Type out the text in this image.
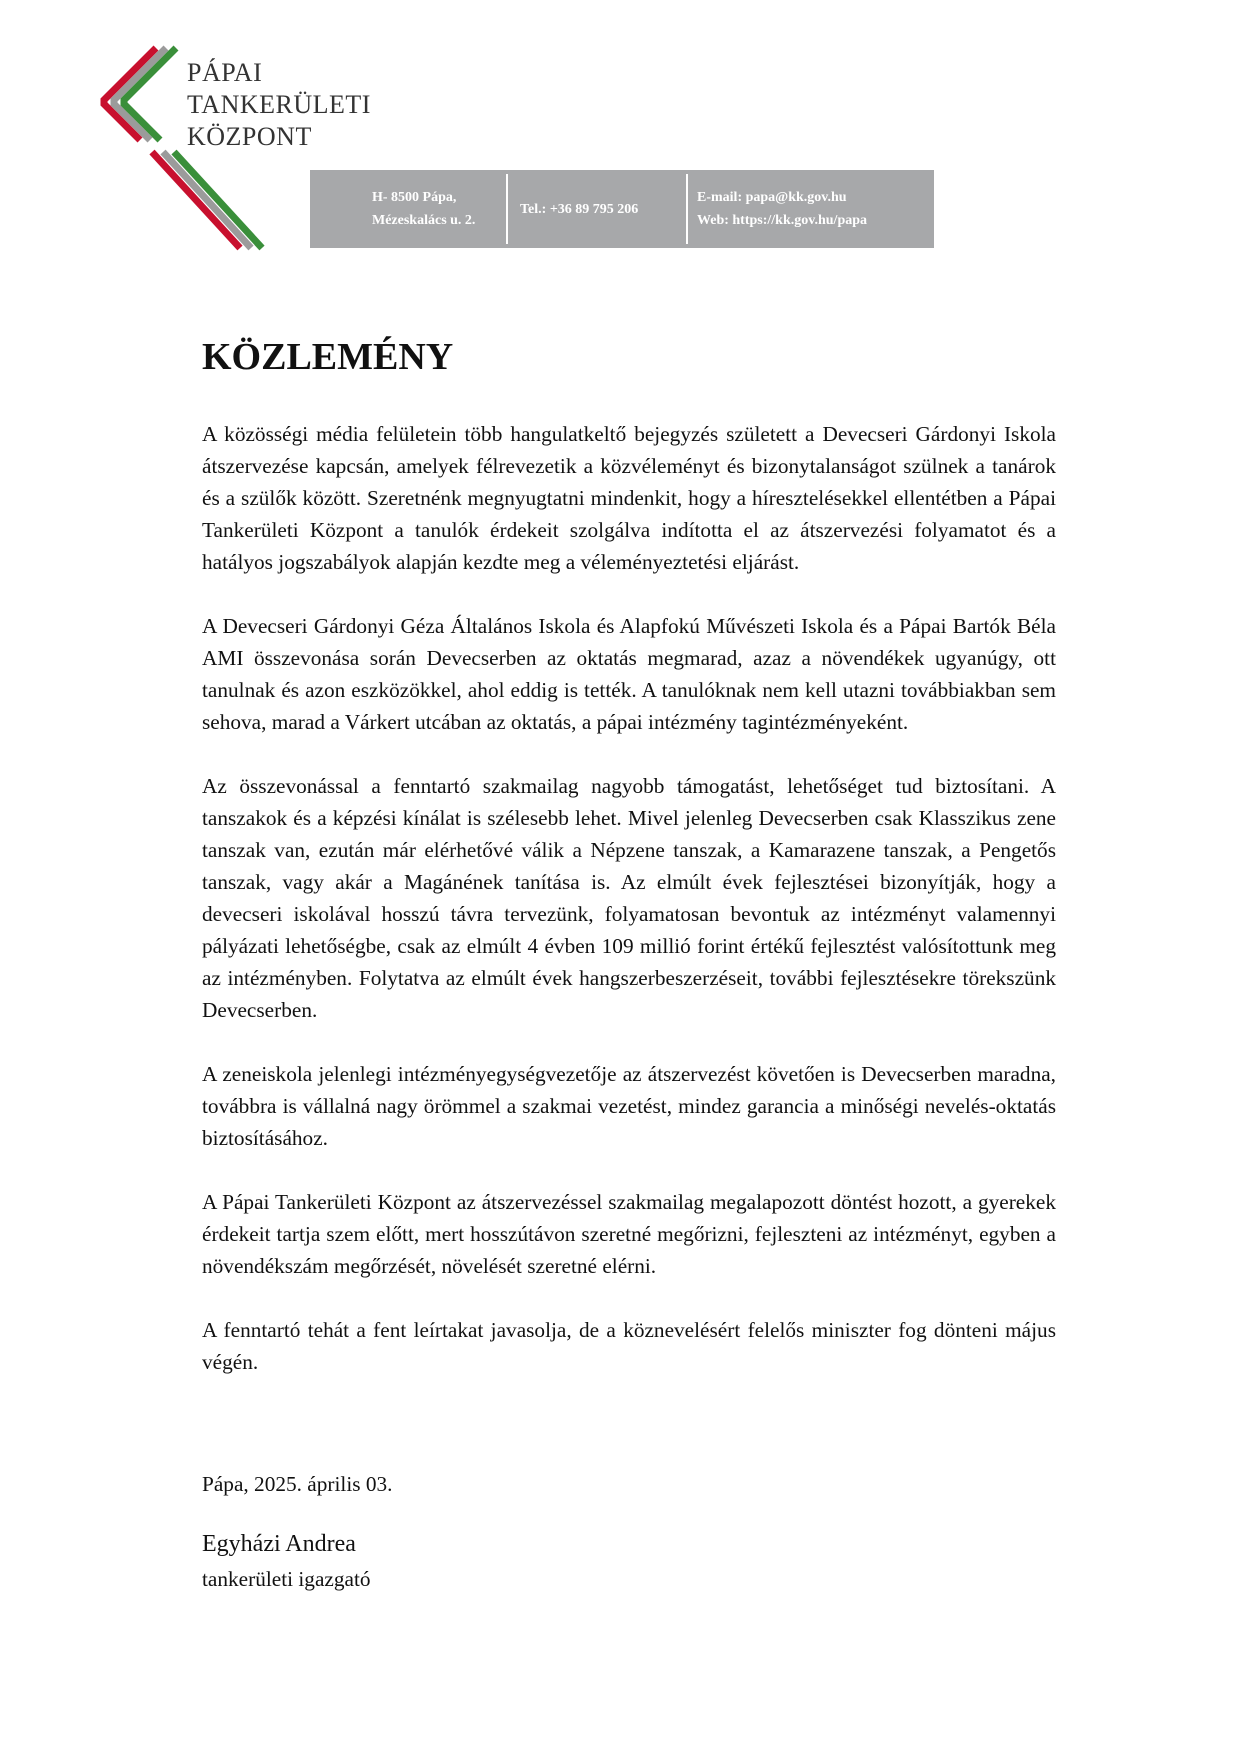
PÁPAI
TANKERÜLETI
KÖZPONT
H- 8500 Pápa,
Mézeskalács u. 2.
Tel.: +36 89 795 206
E-mail: papa@kk.gov.hu
Web: https://kk.gov.hu/papa
KÖZLEMÉNY

A közösségi média felületein több hangulatkeltő bejegyzés született a Devecseri Gárdonyi Iskola átszervezése kapcsán, amelyek félrevezetik a közvéleményt és bizonytalanságot szülnek a tanárok és a szülők között. Szeretnénk megnyugtatni mindenkit, hogy a híresztelésekkel ellentétben a Pápai Tankerületi Központ a tanulók érdekeit szolgálva indította el az átszervezési folyamatot és a hatályos jogszabályok alapján kezdte meg a véleményeztetési eljárást.

A Devecseri Gárdonyi Géza Általános Iskola és Alapfokú Művészeti Iskola és a Pápai Bartók Béla AMI összevonása során Devecserben az oktatás megmarad, azaz a növendékek ugyanúgy, ott tanulnak és azon eszközökkel, ahol eddig is tették. A tanulóknak nem kell utazni továbbiakban sem sehova, marad a Várkert utcában az oktatás, a pápai intézmény tagintézményeként.

Az összevonással a fenntartó szakmailag nagyobb támogatást, lehetőséget tud biztosítani. A tanszakok és a képzési kínálat is szélesebb lehet. Mivel jelenleg Devecserben csak Klasszikus zene tanszak van, ezután már elérhetővé válik a Népzene tanszak, a Kamarazene tanszak, a Pengetős tanszak, vagy akár a Magánének tanítása is. Az elmúlt évek fejlesztései bizonyítják, hogy a devecseri iskolával hosszú távra tervezünk, folyamatosan bevontuk az intézményt valamennyi pályázati lehetőségbe, csak az elmúlt 4 évben 109 millió forint értékű fejlesztést valósítottunk meg az intézményben. Folytatva az elmúlt évek hangszerbeszerzéseit, további fejlesztésekre törekszünk Devecserben.

A zeneiskola jelenlegi intézményegységvezetője az átszervezést követően is Devecserben maradna, továbbra is vállalná nagy örömmel a szakmai vezetést, mindez garancia a minőségi nevelés-oktatás biztosításához.

A Pápai Tankerületi Központ az átszervezéssel szakmailag megalapozott döntést hozott, a gyerekek érdekeit tartja szem előtt, mert hosszútávon szeretné megőrizni, fejleszteni az intézményt, egyben a növendékszám megőrzését, növelését szeretné elérni.

A fenntartó tehát a fent leírtakat javasolja, de a köznevelésért felelős miniszter fog dönteni május végén.

Pápa, 2025. április 03.

Egyházi Andrea

tankerületi igazgató
